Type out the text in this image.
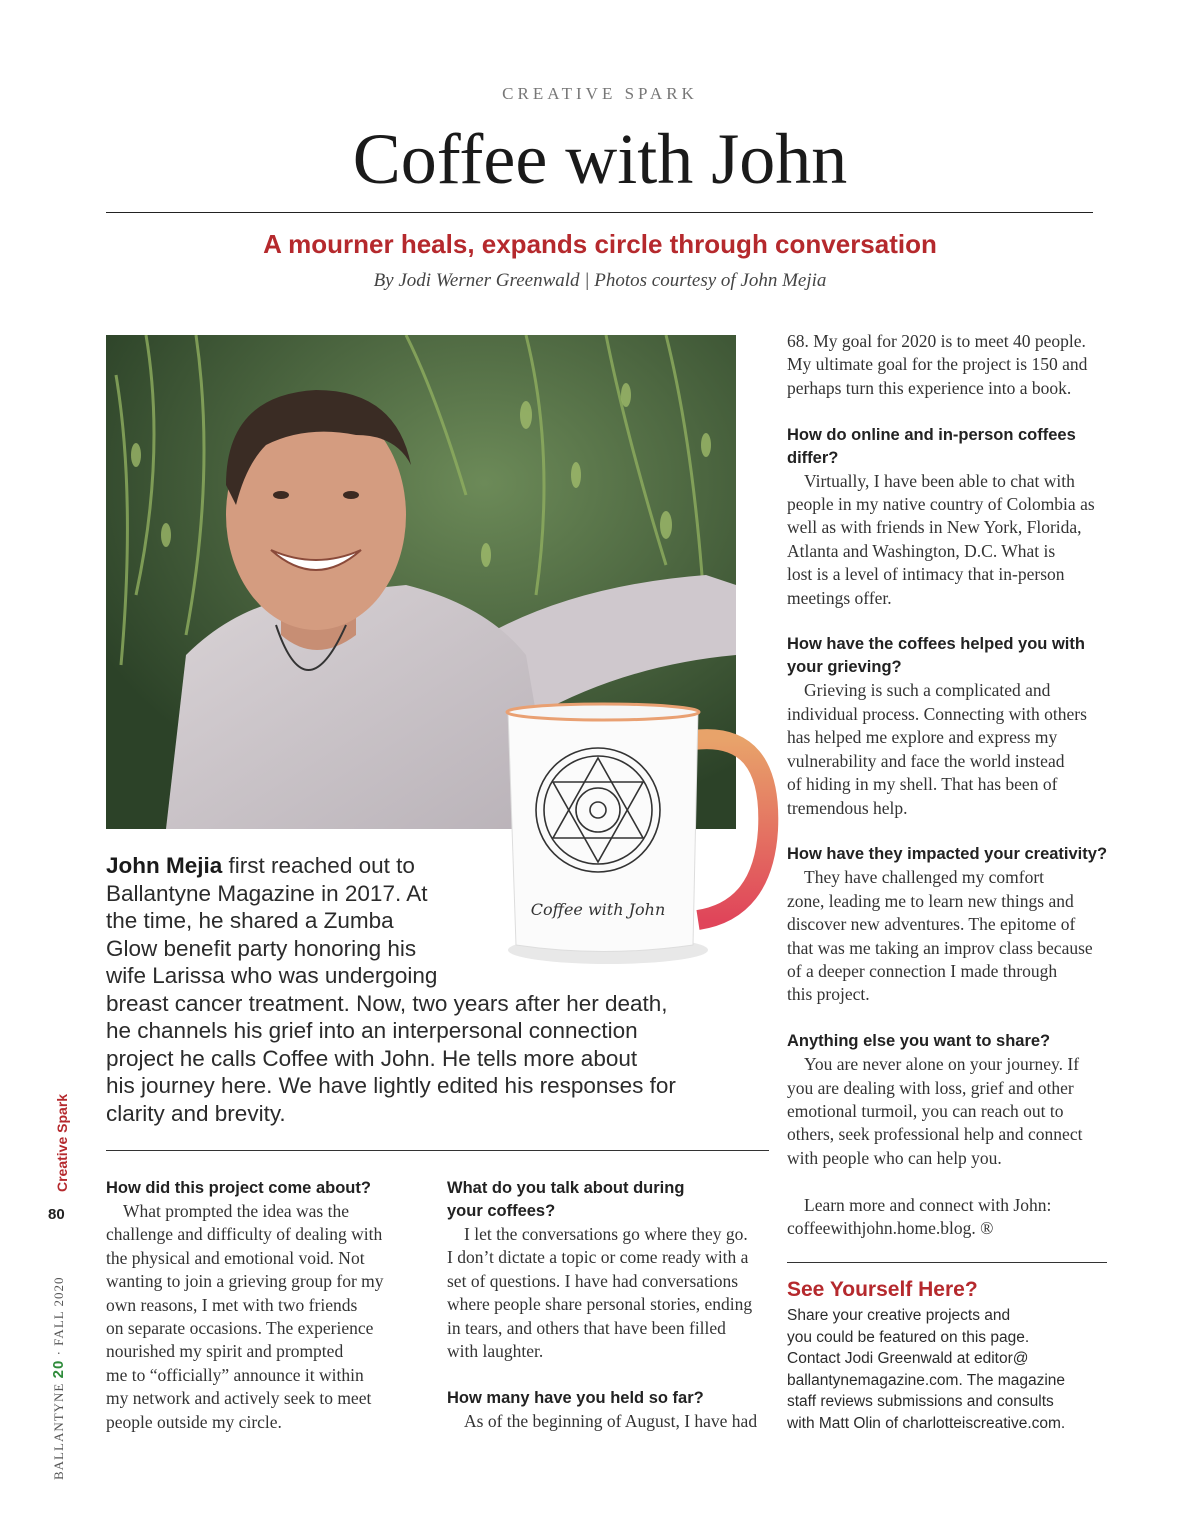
CREATIVE SPARK
Coffee with John
A mourner heals, expands circle through conversation
By Jodi Werner Greenwald | Photos courtesy of John Mejia
Coffee with John
John Mejia first reached out to
Ballantyne Magazine in 2017. At
the time, he shared a Zumba
Glow benefit party honoring his
wife Larissa who was undergoing
breast cancer treatment. Now, two years after her death,
he channels his grief into an interpersonal connection
project he calls Coffee with John. He tells more about
his journey here. We have lightly edited his responses for
clarity and brevity.
How did this project come about?
What prompted the idea was the
challenge and difficulty of dealing with
the physical and emotional void. Not
wanting to join a grieving group for my
own reasons, I met with two friends
on separate occasions. The experience
nourished my spirit and prompted
me to “officially” announce it within
my network and actively seek to meet
people outside my circle.
What do you talk about during
your coffees?
I let the conversations go where they go.
I don’t dictate a topic or come ready with a
set of questions. I have had conversations
where people share personal stories, ending
in tears, and others that have been filled
with laughter.

How many have you held so far?
As of the beginning of August, I have had
68. My goal for 2020 is to meet 40 people.
My ultimate goal for the project is 150 and
perhaps turn this experience into a book.

How do online and in-person coffees
differ?
Virtually, I have been able to chat with
people in my native country of Colombia as
well as with friends in New York, Florida,
Atlanta and Washington, D.C. What is
lost is a level of intimacy that in-person
meetings offer.

How have the coffees helped you with
your grieving?
Grieving is such a complicated and
individual process. Connecting with others
has helped me explore and express my
vulnerability and face the world instead
of hiding in my shell. That has been of
tremendous help.

How have they impacted your creativity?
They have challenged my comfort
zone, leading me to learn new things and
discover new adventures. The epitome of
that was me taking an improv class because
of a deeper connection I made through
this project.

Anything else you want to share?
You are never alone on your journey. If
you are dealing with loss, grief and other
emotional turmoil, you can reach out to
others, seek professional help and connect
with people who can help you.

Learn more and connect with John:
coffeewithjohn.home.blog. ®
See Yourself Here?
Share your creative projects and
you could be featured on this page.
Contact Jodi Greenwald at editor@
ballantynemagazine.com. The magazine
staff reviews submissions and consults
with Matt Olin of charlotteiscreative.com.
Creative Spark
80
BALLANTYNE 20 · FALL 2020
